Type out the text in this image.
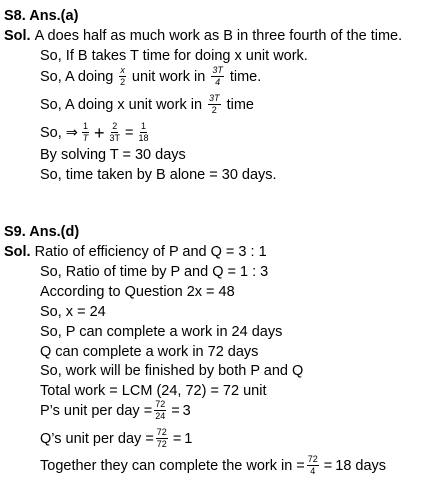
S8. Ans.(a)
Sol.
A does half as much work as B in three fourth of the time.
So, If B takes T time for doing x unit work.
So, A doing $\frac{x}{2}$ unit work in $\frac{3T}{4}$ time.
So, A doing x unit work in $\frac{3T}{2}$ time
So, ⇒ $\frac{1}{T} + \frac{2}{3T} = \frac{1}{18}$
By solving T = 30 days
So, time taken by B alone = 30 days.
S9. Ans.(d)
Sol.
Ratio of efficiency of P and Q = 3 : 1
So, Ratio of time by P and Q = 1 : 3
According to Question 2x = 48
So, x = 24
So, P can complete a work in 24 days
Q can complete a work in 72 days
So, work will be finished by both P and Q
Total work = LCM (24, 72) = 72 unit
P’s unit per day = $\frac{72}{24} = 3$
Q’s unit per day = $\frac{72}{72} = 1$
Together they can complete the work in = $\frac{72}{4} = 18$ days
